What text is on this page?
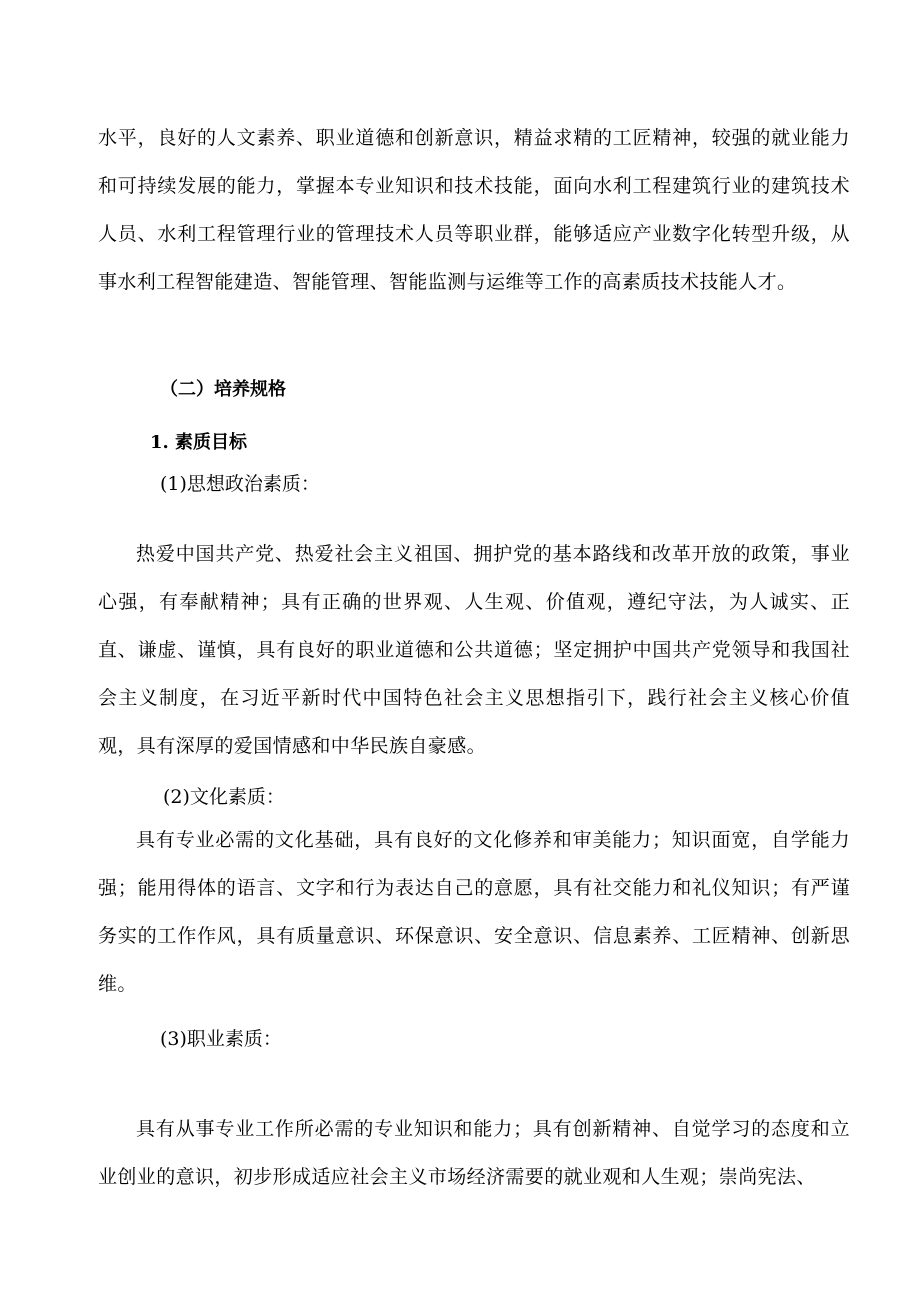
水平，良好的人文素养、职业道德和创新意识，精益求精的工匠精神，较强的就业能力和可持续发展的能力，掌握本专业知识和技术技能，面向水利工程建筑行业的建筑技术人员、水利工程管理行业的管理技术人员等职业群，能够适应产业数字化转型升级，从事水利工程智能建造、智能管理、智能监测与运维等工作的高素质技术技能人才。

（二）培养规格
1. 素质目标
(1)思想政治素质：

热爱中国共产党、热爱社会主义祖国、拥护党的基本路线和改革开放的政策，事业心强，有奉献精神；具有正确的世界观、人生观、价值观，遵纪守法，为人诚实、正直、谦虚、谨慎，具有良好的职业道德和公共道德；坚定拥护中国共产党领导和我国社会主义制度，在习近平新时代中国特色社会主义思想指引下，践行社会主义核心价值观，具有深厚的爱国情感和中华民族自豪感。

(2)文化素质：

具有专业必需的文化基础，具有良好的文化修养和审美能力；知识面宽，自学能力强；能用得体的语言、文字和行为表达自己的意愿，具有社交能力和礼仪知识；有严谨务实的工作作风，具有质量意识、环保意识、安全意识、信息素养、工匠精神、创新思维。

(3)职业素质：

具有从事专业工作所必需的专业知识和能力；具有创新精神、自觉学习的态度和立业创业的意识，初步形成适应社会主义市场经济需要的就业观和人生观；崇尚宪法、
